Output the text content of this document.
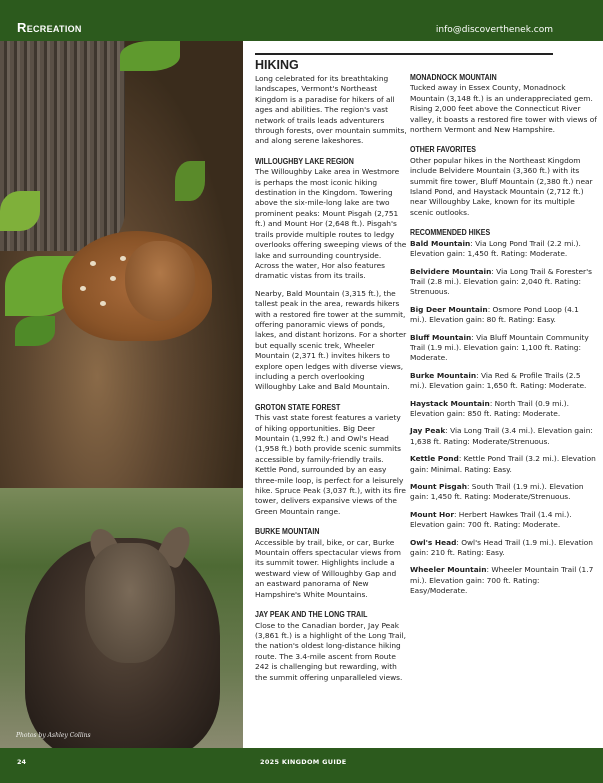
Recreation	info@discoverthenek.com
Photos by Ashley Collins
HIKING

Long celebrated for its breathtaking landscapes, Vermont's Northeast Kingdom is a paradise for hikers of all ages and abilities. The region's vast network of trails leads adventurers through forests, over mountain summits, and along serene lakeshores.

WILLOUGHBY LAKE REGION

The Willoughby Lake area in Westmore is perhaps the most iconic hiking destination in the Kingdom. Towering above the six-mile-long lake are two prominent peaks: Mount Pisgah (2,751 ft.) and Mount Hor (2,648 ft.). Pisgah's trails provide multiple routes to ledgy overlooks offering sweeping views of the lake and surrounding countryside. Across the water, Hor also features dramatic vistas from its trails.

Nearby, Bald Mountain (3,315 ft.), the tallest peak in the area, rewards hikers with a restored fire tower at the summit, offering panoramic views of ponds, lakes, and distant horizons. For a shorter but equally scenic trek, Wheeler Mountain (2,371 ft.) invites hikers to explore open ledges with diverse views, including a perch overlooking Willoughby Lake and Bald Mountain.

GROTON STATE FOREST

This vast state forest features a variety of hiking opportunities. Big Deer Mountain (1,992 ft.) and Owl's Head (1,958 ft.) both provide scenic summits accessible by family-friendly trails. Kettle Pond, surrounded by an easy three-mile loop, is perfect for a leisurely hike. Spruce Peak (3,037 ft.), with its fire tower, delivers expansive views of the Green Mountain range.

BURKE MOUNTAIN

Accessible by trail, bike, or car, Burke Mountain offers spectacular views from its summit tower. Highlights include a westward view of Willoughby Gap and an eastward panorama of New Hampshire's White Mountains.

JAY PEAK AND THE LONG TRAIL

Close to the Canadian border, Jay Peak (3,861 ft.) is a highlight of the Long Trail, the nation's oldest long-distance hiking route. The 3.4-mile ascent from Route 242 is challenging but rewarding, with the summit offering unparalleled views.

MONADNOCK MOUNTAIN

Tucked away in Essex County, Monadnock Mountain (3,148 ft.) is an underappreciated gem. Rising 2,000 feet above the Connecticut River valley, it boasts a restored fire tower with views of northern Vermont and New Hampshire.

OTHER FAVORITES

Other popular hikes in the Northeast Kingdom include Belvidere Mountain (3,360 ft.) with its summit fire tower, Bluff Mountain (2,380 ft.) near Island Pond, and Haystack Mountain (2,712 ft.) near Willoughby Lake, known for its multiple scenic outlooks.

RECOMMENDED HIKES

Bald Mountain: Via Long Pond Trail (2.2 mi.). Elevation gain: 1,450 ft. Rating: Moderate.

Belvidere Mountain: Via Long Trail & Forester's Trail (2.8 mi.). Elevation gain: 2,040 ft. Rating: Strenuous.

Big Deer Mountain: Osmore Pond Loop (4.1 mi.). Elevation gain: 80 ft. Rating: Easy.

Bluff Mountain: Via Bluff Mountain Community Trail (1.9 mi.). Elevation gain: 1,100 ft. Rating: Moderate.

Burke Mountain: Via Red & Profile Trails (2.5 mi.). Elevation gain: 1,650 ft. Rating: Moderate.

Haystack Mountain: North Trail (0.9 mi.). Elevation gain: 850 ft. Rating: Moderate.

Jay Peak: Via Long Trail (3.4 mi.). Elevation gain: 1,638 ft. Rating: Moderate/Strenuous.

Kettle Pond: Kettle Pond Trail (3.2 mi.). Elevation gain: Minimal. Rating: Easy.

Mount Pisgah: South Trail (1.9 mi.). Elevation gain: 1,450 ft. Rating: Moderate/Strenuous.

Mount Hor: Herbert Hawkes Trail (1.4 mi.). Elevation gain: 700 ft. Rating: Moderate.

Owl's Head: Owl's Head Trail (1.9 mi.). Elevation gain: 210 ft. Rating: Easy.

Wheeler Mountain: Wheeler Mountain Trail (1.7 mi.). Elevation gain: 700 ft. Rating: Easy/Moderate.

24	2025 KINGDOM GUIDE
